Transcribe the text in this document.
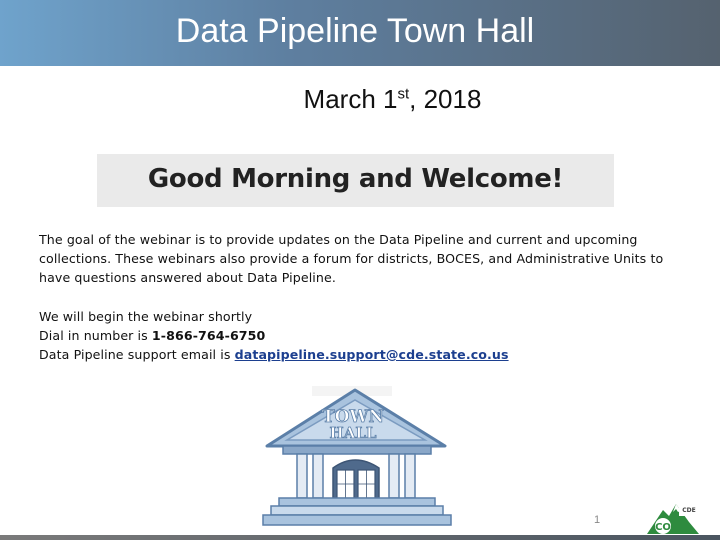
Data Pipeline Town Hall
March 1st, 2018
Good Morning and Welcome!
The goal of the webinar is to provide updates on the Data Pipeline and current and upcoming collections. These webinars also provide a forum for districts, BOCES, and Administrative Units to have questions answered about Data Pipeline.
We will begin the webinar shortly
Dial in number is 1-866-764-6750
Data Pipeline support email is datapipeline.support@cde.state.co.us
TOWN
HALL
1
CDE
CO
